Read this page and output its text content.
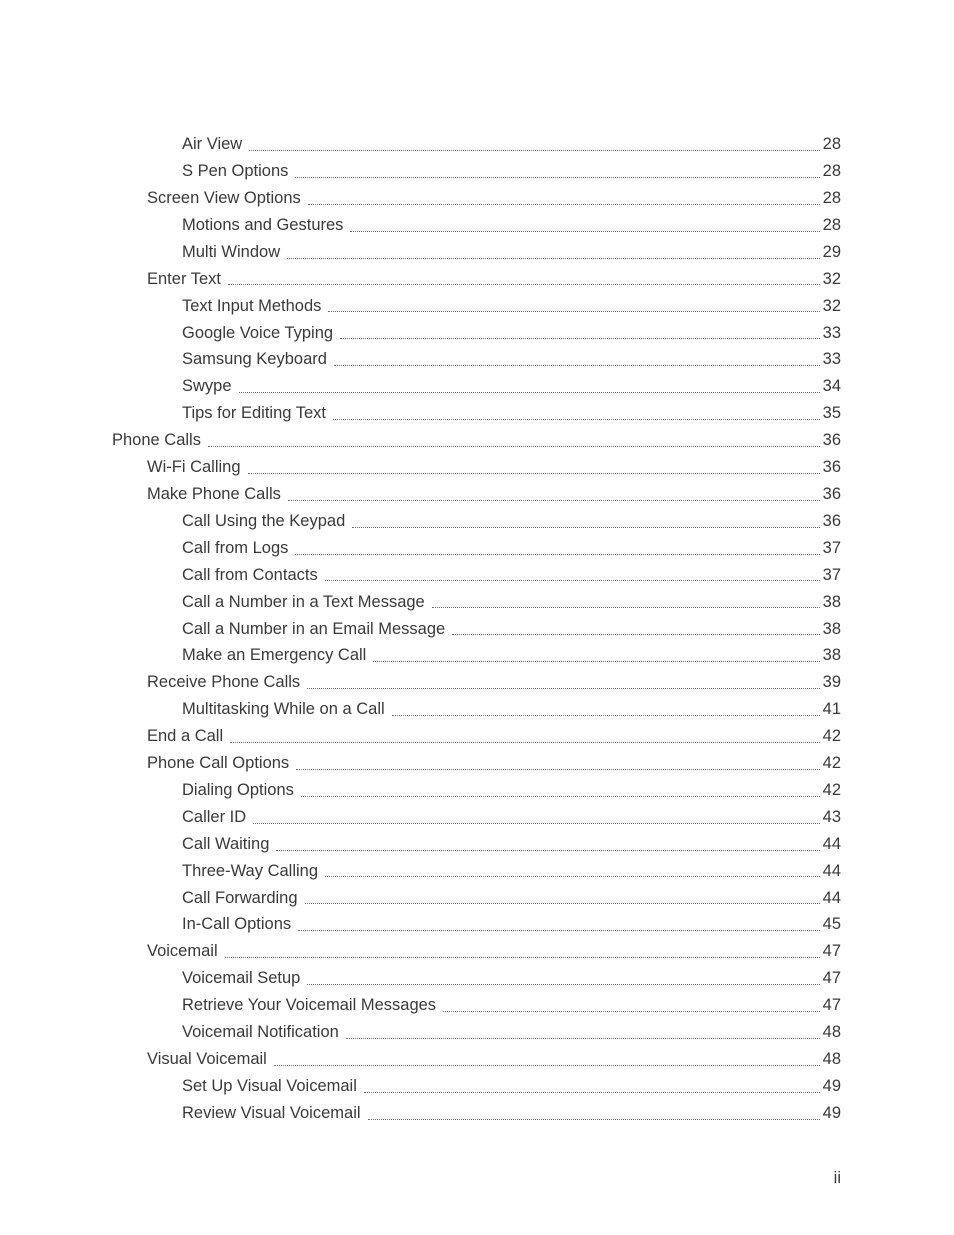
Air View	28
S Pen Options	28
Screen View Options	28
Motions and Gestures	28
Multi Window	29
Enter Text	32
Text Input Methods	32
Google Voice Typing	33
Samsung Keyboard	33
Swype	34
Tips for Editing Text	35
Phone Calls	36
Wi-Fi Calling	36
Make Phone Calls	36
Call Using the Keypad	36
Call from Logs	37
Call from Contacts	37
Call a Number in a Text Message	38
Call a Number in an Email Message	38
Make an Emergency Call	38
Receive Phone Calls	39
Multitasking While on a Call	41
End a Call	42
Phone Call Options	42
Dialing Options	42
Caller ID	43
Call Waiting	44
Three-Way Calling	44
Call Forwarding	44
In-Call Options	45
Voicemail	47
Voicemail Setup	47
Retrieve Your Voicemail Messages	47
Voicemail Notification	48
Visual Voicemail	48
Set Up Visual Voicemail	49
Review Visual Voicemail	49
ii
